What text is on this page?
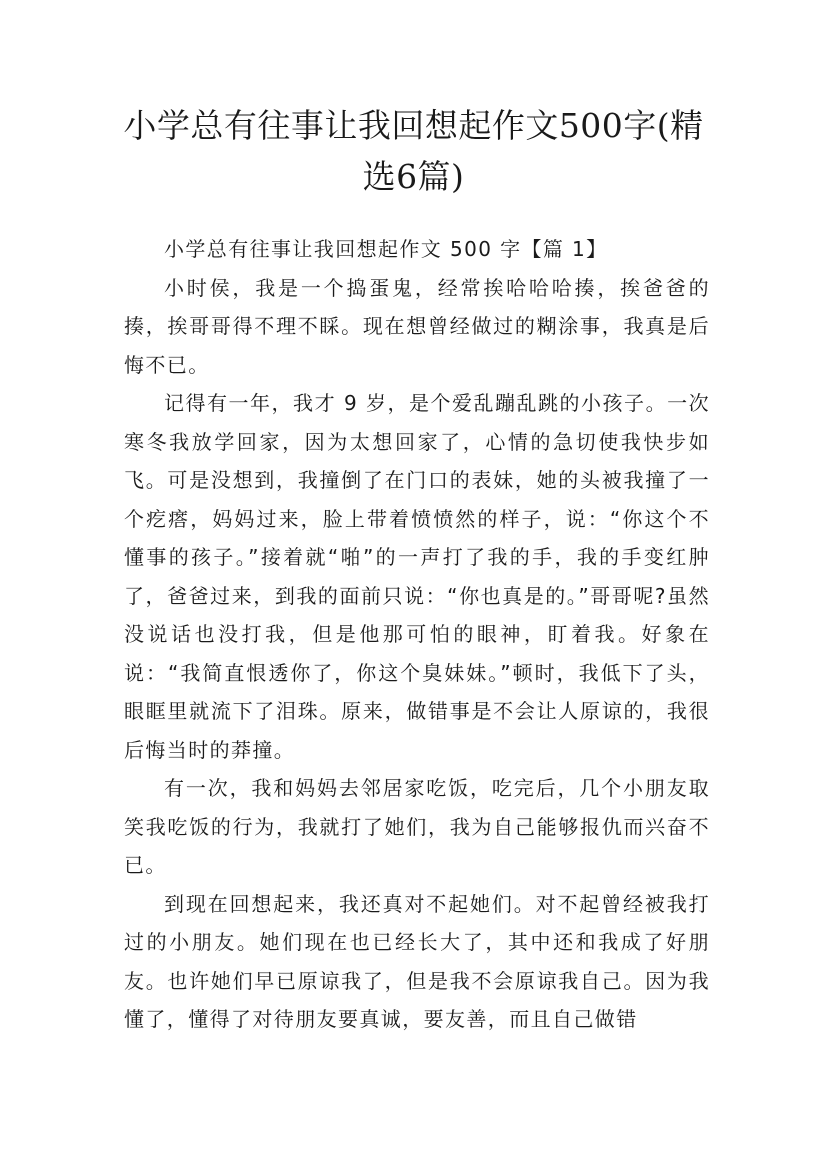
小学总有往事让我回想起作文500字(精选6篇)

小学总有往事让我回想起作文 500 字【篇 1】

小时侯，我是一个捣蛋鬼，经常挨哈哈哈揍，挨爸爸的揍，挨哥哥得不理不睬。现在想曾经做过的糊涂事，我真是后悔不已。

记得有一年，我才 9 岁，是个爱乱蹦乱跳的小孩子。一次寒冬我放学回家，因为太想回家了，心情的急切使我快步如飞。可是没想到，我撞倒了在门口的表妹，她的头被我撞了一个疙瘩，妈妈过来，脸上带着愤愤然的样子，说：“你这个不懂事的孩子。”接着就“啪”的一声打了我的手，我的手变红肿了，爸爸过来，到我的面前只说：“你也真是的。”哥哥呢?虽然没说话也没打我，但是他那可怕的眼神，盯着我。好象在说：“我简直恨透你了，你这个臭妹妹。”顿时，我低下了头，眼眶里就流下了泪珠。原来，做错事是不会让人原谅的，我很后悔当时的莽撞。

有一次，我和妈妈去邻居家吃饭，吃完后，几个小朋友取笑我吃饭的行为，我就打了她们，我为自己能够报仇而兴奋不已。

到现在回想起来，我还真对不起她们。对不起曾经被我打过的小朋友。她们现在也已经长大了，其中还和我成了好朋友。也许她们早已原谅我了，但是我不会原谅我自己。因为我懂了，懂得了对待朋友要真诚，要友善，而且自己做错
